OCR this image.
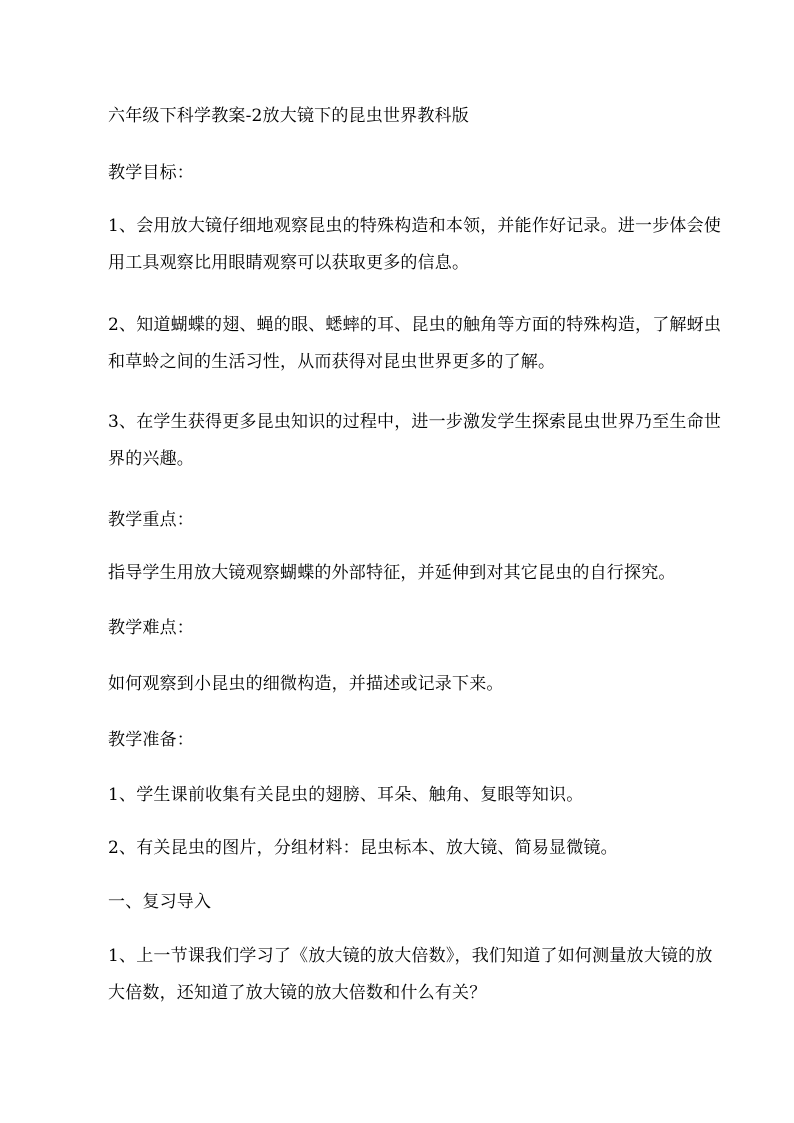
六年级下科学教案-2放大镜下的昆虫世界教科版
教学目标：
1、会用放大镜仔细地观察昆虫的特殊构造和本领，并能作好记录。进一步体会使用工具观察比用眼睛观察可以获取更多的信息。
2、知道蝴蝶的翅、蝇的眼、蟋蟀的耳、昆虫的触角等方面的特殊构造，了解蚜虫和草蛉之间的生活习性，从而获得对昆虫世界更多的了解。
3、在学生获得更多昆虫知识的过程中，进一步激发学生探索昆虫世界乃至生命世界的兴趣。
教学重点：
指导学生用放大镜观察蝴蝶的外部特征，并延伸到对其它昆虫的自行探究。
教学难点：
如何观察到小昆虫的细微构造，并描述或记录下来。
教学准备：
1、学生课前收集有关昆虫的翅膀、耳朵、触角、复眼等知识。
2、有关昆虫的图片，分组材料：昆虫标本、放大镜、简易显微镜。
一、复习导入
1、上一节课我们学习了《放大镜的放大倍数》，我们知道了如何测量放大镜的放大倍数，还知道了放大镜的放大倍数和什么有关？
